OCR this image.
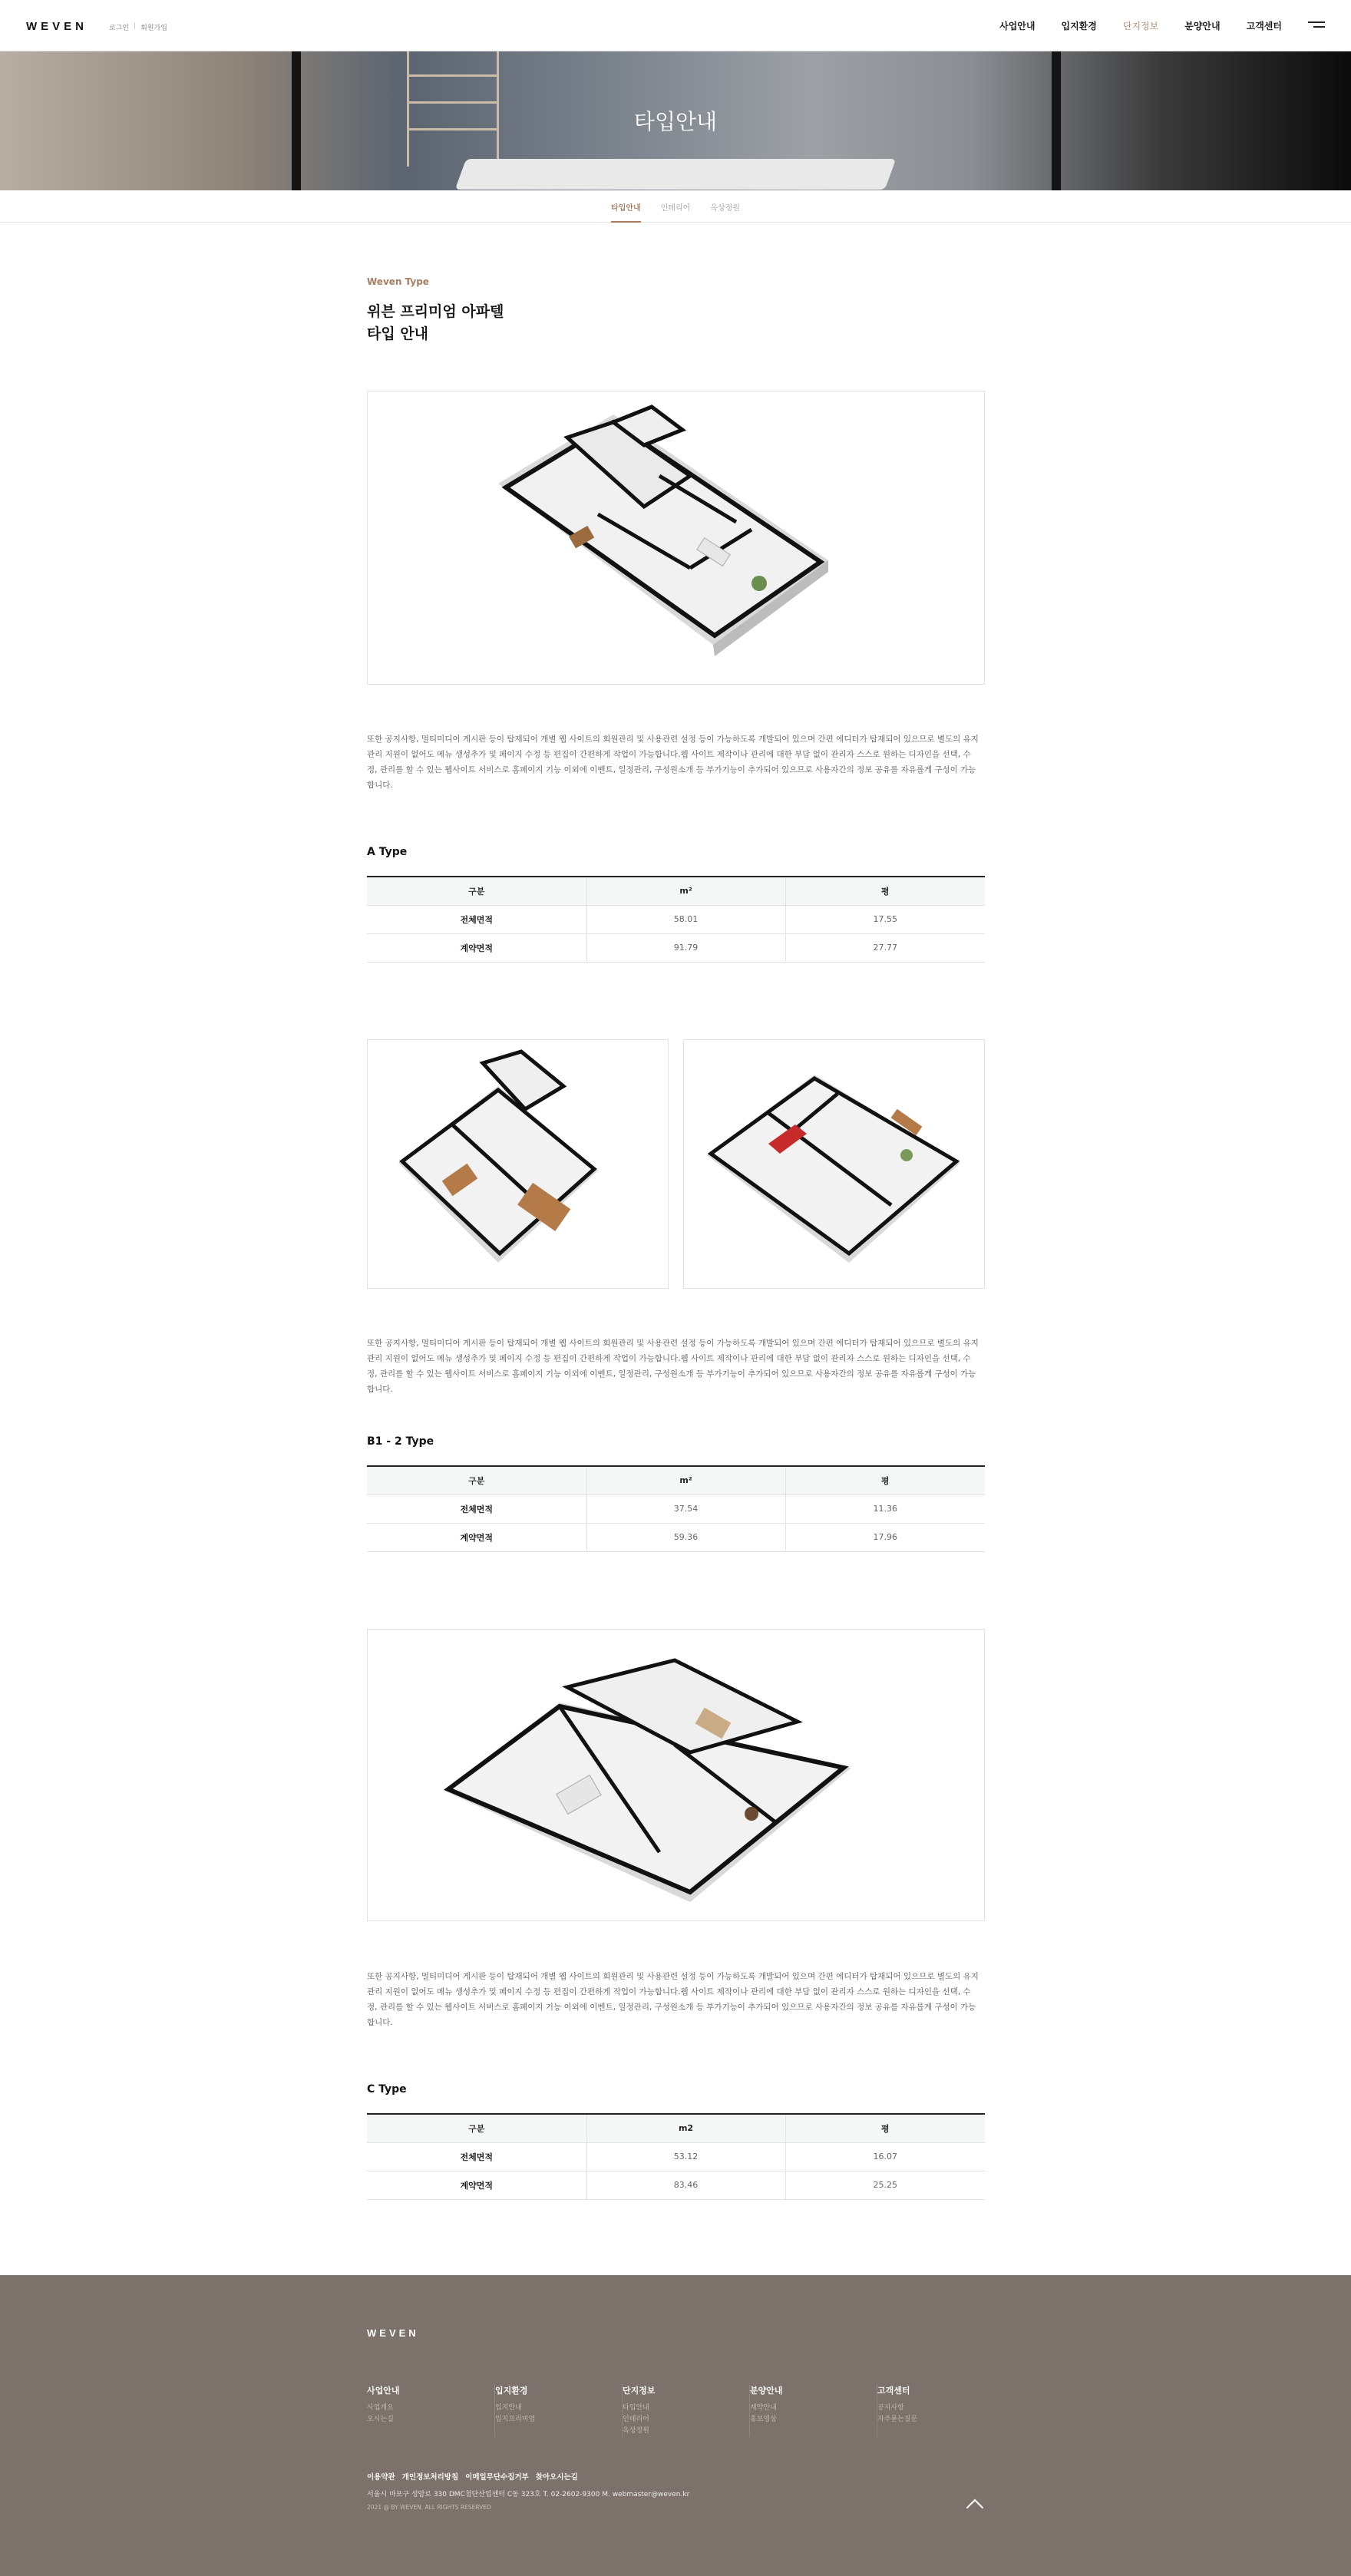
WEVEN	로그인 | 회원가입	사업안내	입지환경	단지정보	분양안내	고객센터
타입안내
타입안내	인테리어	옥상정원
Weven Type
위븐 프리미엄 아파텔
타입 안내

또한 공지사항, 멀티미디어 게시판 등이 탑재되어 개별 웹 사이트의 회원관리 및 사용관련 설정 등이 가능하도록 개발되어 있으며 간편 에디터가 탑재되어 있으므로 별도의 유지관리 지원이 없어도 메뉴 생성추가 및 페이지 수정 등 편집이 간편하게 작업이 가능합니다.웹 사이트 제작이나 관리에 대한 부담 없이 관리자 스스로 원하는 디자인을 선택, 수정, 관리를 할 수 있는 웹사이트 서비스로 홈페이지 기능 이외에 이벤트, 일정관리, 구성원소개 등 부가기능이 추가되어 있으므로 사용자간의 정보 공유를 자유롭게 구성이 가능합니다.

A Type
구분	m²	평
전체면적	58.01	17.55
계약면적	91.79	27.77

또한 공지사항, 멀티미디어 게시판 등이 탑재되어 개별 웹 사이트의 회원관리 및 사용관련 설정 등이 가능하도록 개발되어 있으며 간편 에디터가 탑재되어 있으므로 별도의 유지관리 지원이 없어도 메뉴 생성추가 및 페이지 수정 등 편집이 간편하게 작업이 가능합니다.웹 사이트 제작이나 관리에 대한 부담 없이 관리자 스스로 원하는 디자인을 선택, 수정, 관리를 할 수 있는 웹사이트 서비스로 홈페이지 기능 이외에 이벤트, 일정관리, 구성원소개 등 부가기능이 추가되어 있으므로 사용자간의 정보 공유를 자유롭게 구성이 가능합니다.

B1 - 2 Type
구분	m²	평
전체면적	37.54	11.36
계약면적	59.36	17.96

또한 공지사항, 멀티미디어 게시판 등이 탑재되어 개별 웹 사이트의 회원관리 및 사용관련 설정 등이 가능하도록 개발되어 있으며 간편 에디터가 탑재되어 있으므로 별도의 유지관리 지원이 없어도 메뉴 생성추가 및 페이지 수정 등 편집이 간편하게 작업이 가능합니다.웹 사이트 제작이나 관리에 대한 부담 없이 관리자 스스로 원하는 디자인을 선택, 수정, 관리를 할 수 있는 웹사이트 서비스로 홈페이지 기능 이외에 이벤트, 일정관리, 구성원소개 등 부가기능이 추가되어 있으므로 사용자간의 정보 공유를 자유롭게 구성이 가능합니다.

C Type
구분	m2	평
전체면적	53.12	16.07
계약면적	83.46	25.25
WEVEN
사업안내

사업개요

오시는길

입지환경

입지안내

입지프리미엄

단지정보

타입안내

인테리어

옥상정원

분양안내

계약안내

홍보영상

고객센터

공지사항

자주묻는질문

이용약관 개인정보처리방침 이메일무단수집거부 찾아오시는길
서울시 마포구 성암로 330 DMC첨단산업센터 C동 323호 T. 02-2602-9300 M. webmaster@weven.kr
2021 @ BY WEVEN. ALL RIGHTS RESERVED
